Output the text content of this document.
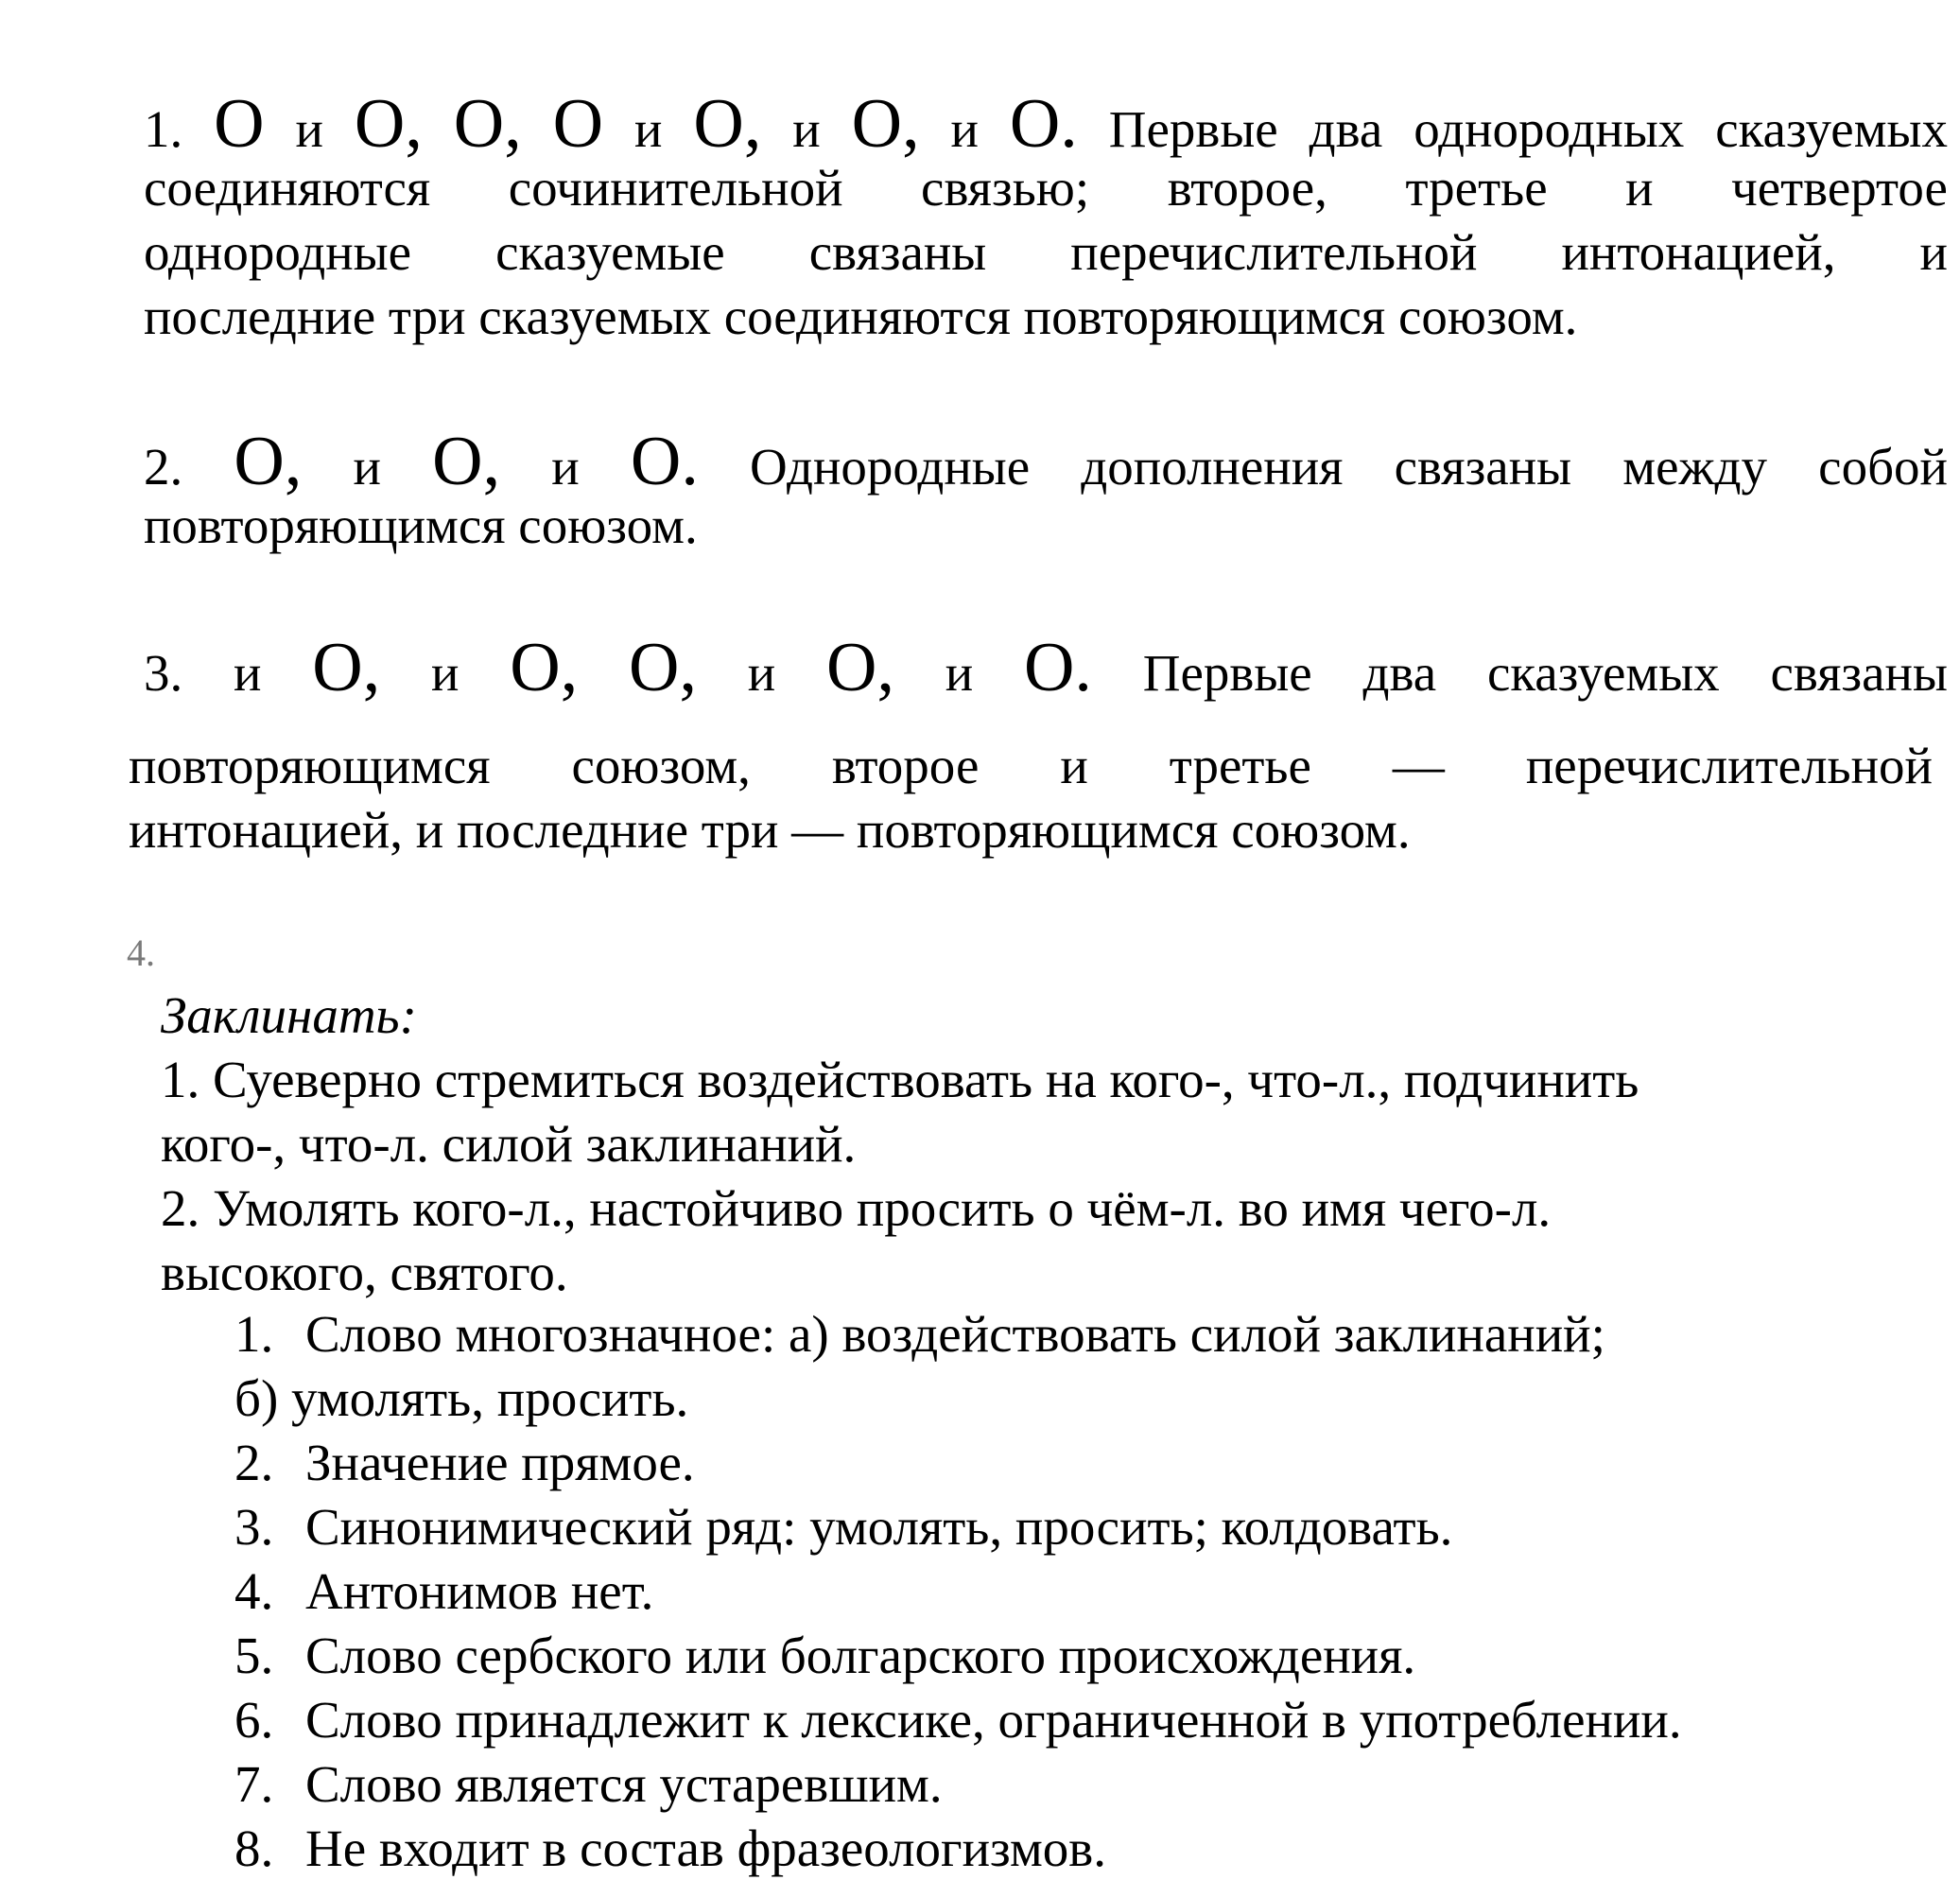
1. О и О, О, О и О, и О, и О. Первые два однородных сказуемых
соединяются сочинительной связью; второе, третье и четвертое
однородные сказуемые связаны перечислительной интонацией, и
последние три сказуемых соединяются повторяющимся союзом.
2. О, и О, и О. Однородные дополнения связаны между собой
повторяющимся союзом.
3. и О, и О, О, и О, и О. Первые два сказуемых связаны
повторяющимся союзом, второе и третье — перечислительной
интонацией, и последние три — повторяющимся союзом.
4.
Заклинать:
1. Суеверно стремиться воздействовать на кого-, что-л., подчинить
кого-, что-л. силой заклинаний.
2. Умолять кого-л., настойчиво просить о чём-л. во имя чего-л.
высокого, святого.
1. Слово многозначное: а) воздействовать силой заклинаний;
б) умолять, просить.
2. Значение прямое.
3. Синонимический ряд: умолять, просить; колдовать.
4. Антонимов нет.
5. Слово сербского или болгарского происхождения.
6. Слово принадлежит к лексике, ограниченной в употреблении.
7. Слово является устаревшим.
8. Не входит в состав фразеологизмов.
